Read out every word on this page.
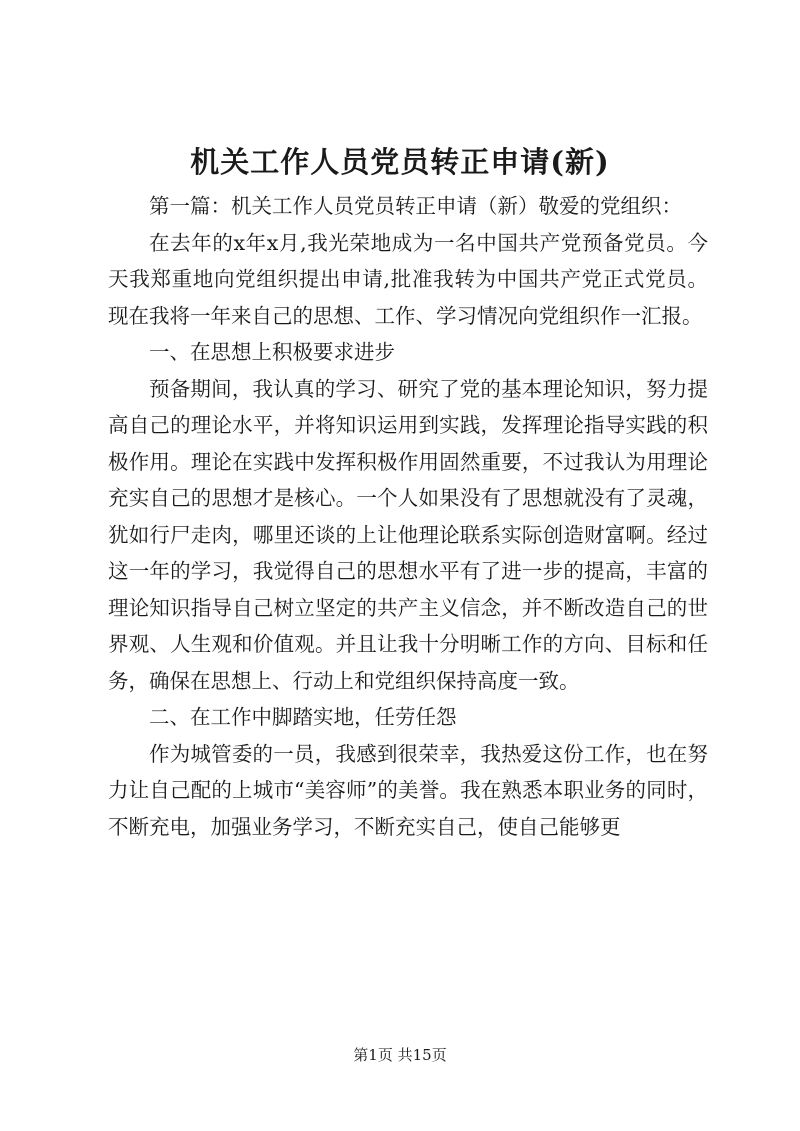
机关工作人员党员转正申请(新)

第一篇：机关工作人员党员转正申请（新）敬爱的党组织：

在去年的x年x月,我光荣地成为一名中国共产党预备党员。今天我郑重地向党组织提出申请,批准我转为中国共产党正式党员。现在我将一年来自己的思想、工作、学习情况向党组织作一汇报。

一、在思想上积极要求进步

预备期间，我认真的学习、研究了党的基本理论知识，努力提高自己的理论水平，并将知识运用到实践，发挥理论指导实践的积极作用。理论在实践中发挥积极作用固然重要，不过我认为用理论充实自己的思想才是核心。一个人如果没有了思想就没有了灵魂，犹如行尸走肉，哪里还谈的上让他理论联系实际创造财富啊。经过这一年的学习，我觉得自己的思想水平有了进一步的提高，丰富的理论知识指导自己树立坚定的共产主义信念，并不断改造自己的世界观、人生观和价值观。并且让我十分明晰工作的方向、目标和任务，确保在思想上、行动上和党组织保持高度一致。

二、在工作中脚踏实地，任劳任怨

作为城管委的一员，我感到很荣幸，我热爱这份工作，也在努力让自己配的上城市“美容师”的美誉。我在熟悉本职业务的同时，不断充电，加强业务学习，不断充实自己，使自己能够更

第1页 共15页
